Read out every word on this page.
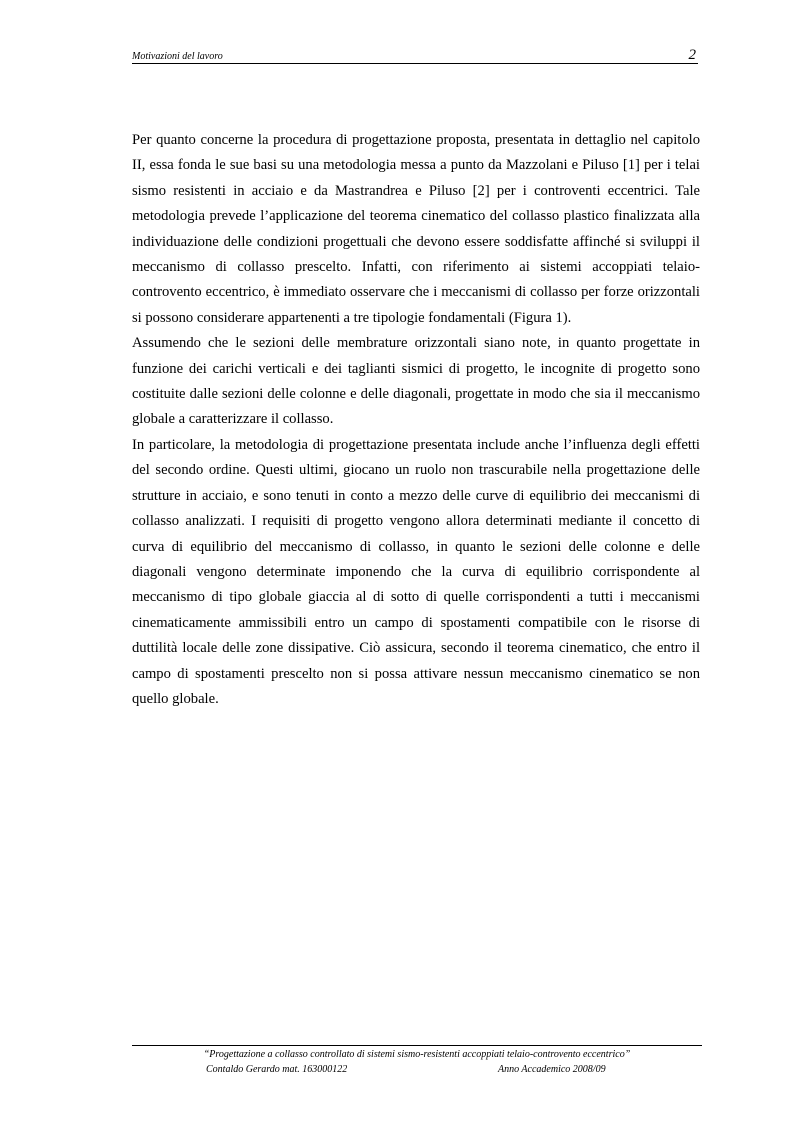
Motivazioni del lavoro	2

Per quanto concerne la procedura di progettazione proposta, presentata in dettaglio nel capitolo II, essa fonda le sue basi su una metodologia messa a punto da Mazzolani e Piluso [1] per i telai sismo resistenti in acciaio e da Mastrandrea e Piluso [2] per i controventi eccentrici. Tale metodologia prevede l’applicazione del teorema cinematico del collasso plastico finalizzata alla individuazione delle condizioni progettuali che devono essere soddisfatte affinché si sviluppi il meccanismo di collasso prescelto. Infatti, con riferimento ai sistemi accoppiati telaio-controvento eccentrico, è immediato osservare che i meccanismi di collasso per forze orizzontali si possono considerare appartenenti a tre tipologie fondamentali (Figura 1).

Assumendo che le sezioni delle membrature orizzontali siano note, in quanto progettate in funzione dei carichi verticali e dei taglianti sismici di progetto, le incognite di progetto sono costituite dalle sezioni delle colonne e delle diagonali, progettate in modo che sia il meccanismo globale a caratterizzare il collasso.

In particolare, la metodologia di progettazione presentata include anche l’influenza degli effetti del secondo ordine. Questi ultimi, giocano un ruolo non trascurabile nella progettazione delle strutture in acciaio, e sono tenuti in conto a mezzo delle curve di equilibrio dei meccanismi di collasso analizzati. I requisiti di progetto vengono allora determinati mediante il concetto di curva di equilibrio del meccanismo di collasso, in quanto le sezioni delle colonne e delle diagonali vengono determinate imponendo che la curva di equilibrio corrispondente al meccanismo di tipo globale giaccia al di sotto di quelle corrispondenti a tutti i meccanismi cinematicamente ammissibili entro un campo di spostamenti compatibile con le risorse di duttilità locale delle zone dissipative. Ciò assicura, secondo il teorema cinematico, che entro il campo di spostamenti prescelto non si possa attivare nessun meccanismo cinematico se non quello globale.

“Progettazione a collasso controllato di sistemi sismo-resistenti accoppiati telaio-controvento eccentrico”
Contaldo Gerardo mat. 163000122	Anno Accademico 2008/09
